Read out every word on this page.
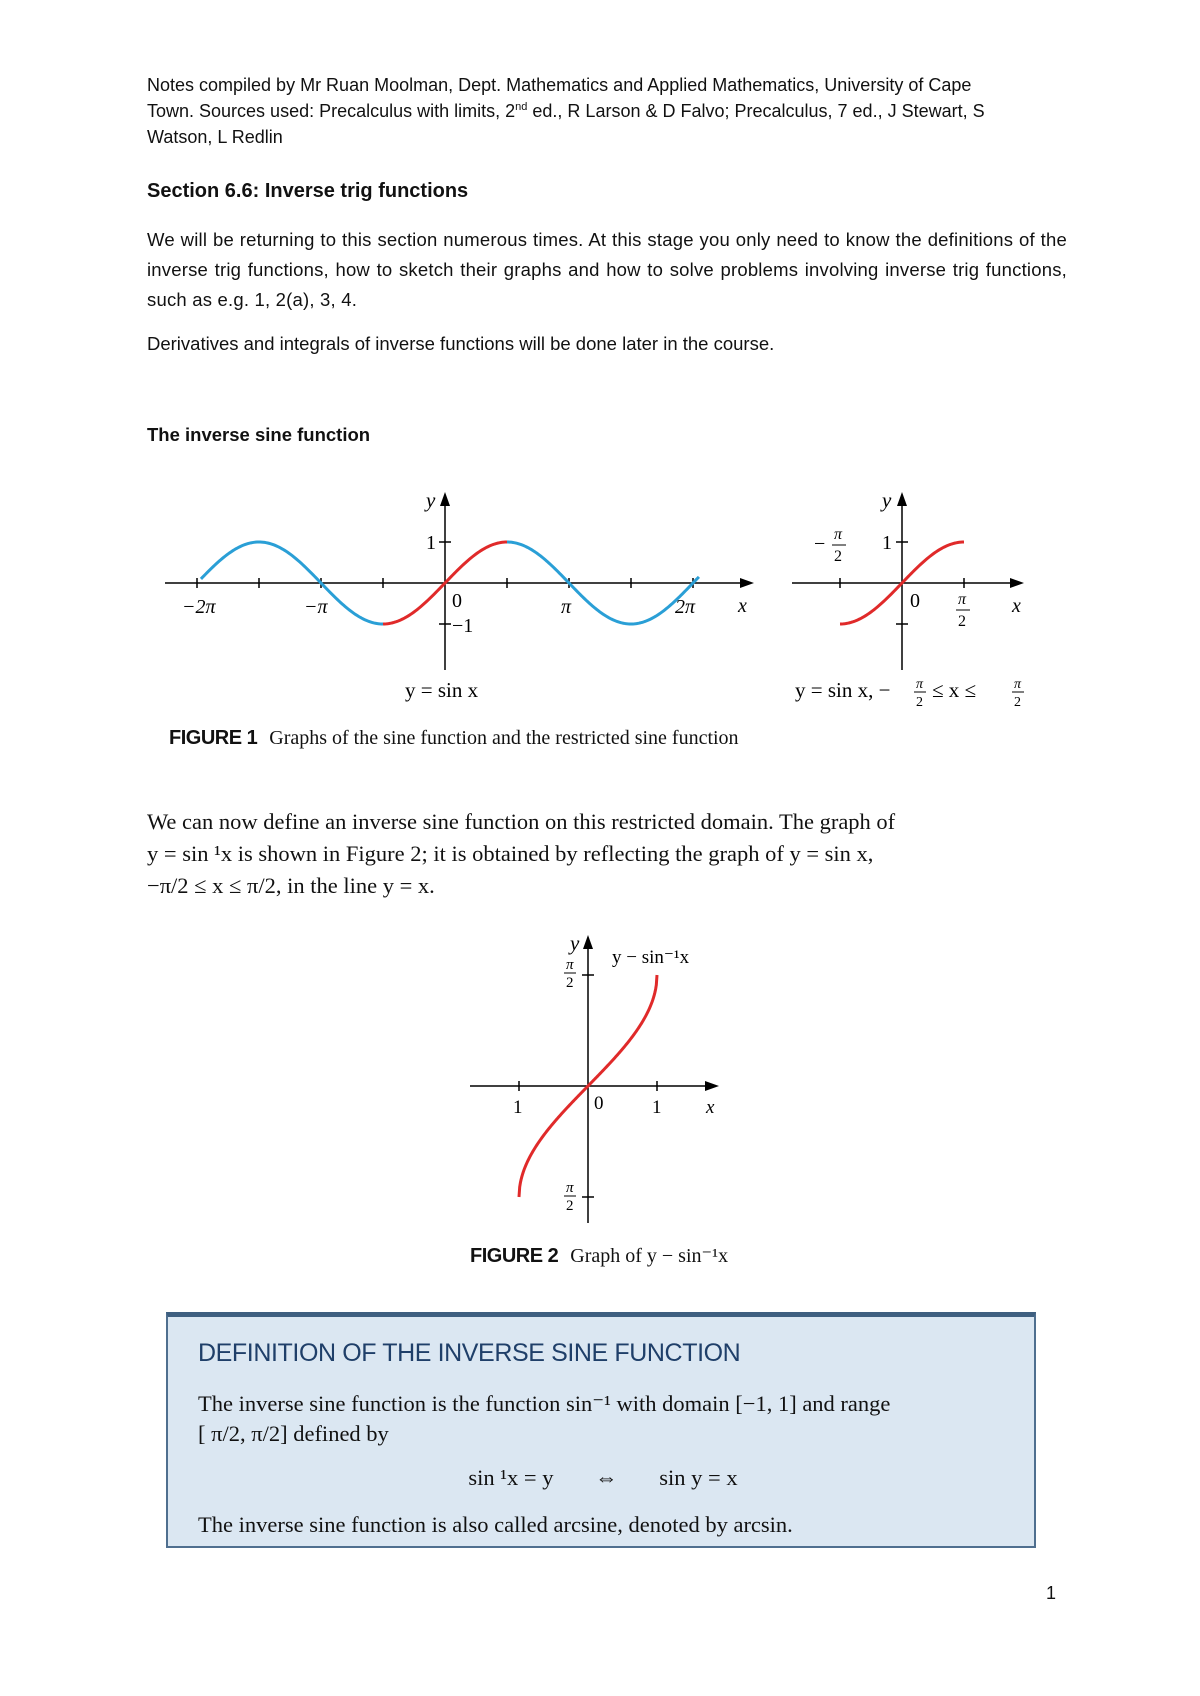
Notes compiled by Mr Ruan Moolman, Dept. Mathematics and Applied Mathematics, University of Cape
Town. Sources used: Precalculus with limits, 2nd ed., R Larson & D Falvo; Precalculus, 7 ed., J Stewart, S
Watson, L Redlin
Section 6.6: Inverse trig functions
We will be returning to this section numerous times. At this stage you only need to know the definitions of the inverse trig functions, how to sketch their graphs and how to solve problems involving inverse trig functions, such as e.g. 1, 2(a), 3, 4.
Derivatives and integrals of inverse functions will be done later in the course.
The inverse sine function
y
1
−1
0
−2π	−π	π	2π x
y = sin x
y
1
0
− π
2
π
2
x
y = sin x, − π
2
≤ x ≤	π
2
FIGURE 1 Graphs of the sine function and the restricted sine function
We can now define an inverse sine function on this restricted domain. The graph of
y = sin ¹x is shown in Figure 2; it is obtained by reflecting the graph of y = sin x,
−π/2 ≤ x ≤ π/2, in the line y = x.
y
π
2
y − sin⁻¹x
1	1
0	x
π
2
FIGURE 2 Graph of y − sin⁻¹x
DEFINITION OF THE INVERSE SINE FUNCTION
The inverse sine function is the function sin⁻¹ with domain [−1, 1] and range
[ π/2, π/2] defined by
sin ¹x = y ⇔ sin y = x
The inverse sine function is also called arcsine, denoted by arcsin.
1
